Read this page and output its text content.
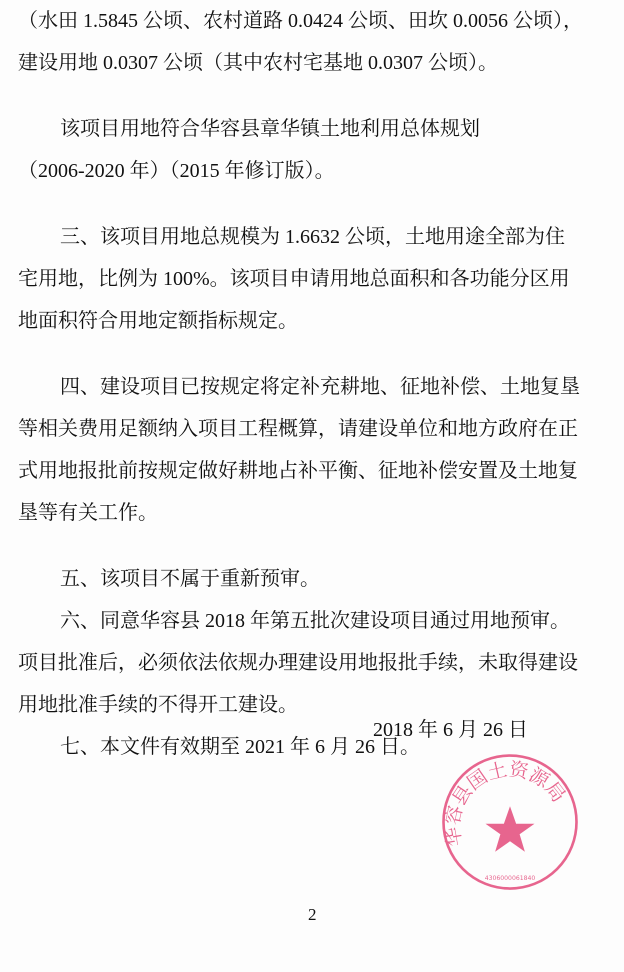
（水田 1.5845 公顷、农村道路 0.0424 公顷、田坎 0.0056 公顷），
建设用地 0.0307 公顷（其中农村宅基地 0.0307 公顷）。
该项目用地符合华容县章华镇土地利用总体规划
（2006-2020 年）（2015 年修订版）。
三、该项目用地总规模为 1.6632 公顷，土地用途全部为住
宅用地，比例为 100%。该项目申请用地总面积和各功能分区用
地面积符合用地定额指标规定。
四、建设项目已按规定将定补充耕地、征地补偿、土地复垦
等相关费用足额纳入项目工程概算，请建设单位和地方政府在正
式用地报批前按规定做好耕地占补平衡、征地补偿安置及土地复
垦等有关工作。
五、该项目不属于重新预审。
六、同意华容县 2018 年第五批次建设项目通过用地预审。
项目批准后，必须依法依规办理建设用地报批手续，未取得建设
用地批准手续的不得开工建设。
七、本文件有效期至 2021 年 6 月 26 日。
华容县国土资源局
4306000061840
2018 年 6 月 26 日
2
